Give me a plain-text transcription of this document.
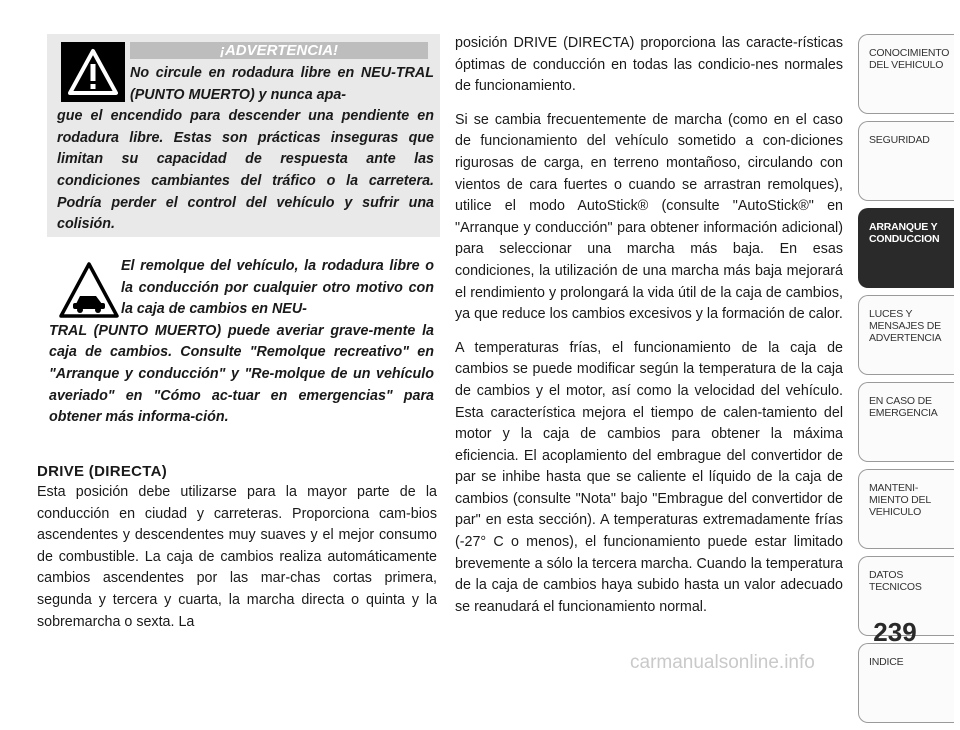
¡ADVERTENCIA!
No circule en rodadura libre en NEU-TRAL (PUNTO MUERTO) y nunca apa-
gue el encendido para descender una pendiente en rodadura libre. Estas son prácticas inseguras que limitan su capacidad de respuesta ante las condiciones cambiantes del tráfico o la carretera. Podría perder el control del vehículo y sufrir una colisión.
El remolque del vehículo, la rodadura libre o la conducción por cualquier otro motivo con la caja de cambios en NEU-
TRAL (PUNTO MUERTO) puede averiar grave-mente la caja de cambios. Consulte "Remolque recreativo" en "Arranque y conducción" y "Re-molque de un vehículo averiado" en "Cómo ac-tuar en emergencias" para obtener más informa-ción.
DRIVE (DIRECTA)

Esta posición debe utilizarse para la mayor parte de la conducción en ciudad y carreteras. Proporciona cam-bios ascendentes y descendentes muy suaves y el mejor consumo de combustible. La caja de cambios realiza automáticamente cambios ascendentes por las mar-chas cortas primera, segunda y tercera y cuarta, la marcha directa o quinta y la sobremarcha o sexta. La

posición DRIVE (DIRECTA) proporciona las caracte-rísticas óptimas de conducción en todas las condicio-nes normales de funcionamiento.

Si se cambia frecuentemente de marcha (como en el caso de funcionamiento del vehículo sometido a con-diciones rigurosas de carga, en terreno montañoso, circulando con vientos de cara fuertes o cuando se arrastran remolques), utilice el modo AutoStick® (consulte "AutoStick®" en "Arranque y conducción" para obtener información adicional) para seleccionar una marcha más baja. En esas condiciones, la utilización de una marcha más baja mejorará el rendimiento y prolongará la vida útil de la caja de cambios, ya que reduce los cambios excesivos y la formación de calor.

A temperaturas frías, el funcionamiento de la caja de cambios se puede modificar según la temperatura de la caja de cambios y el motor, así como la velocidad del vehículo. Esta característica mejora el tiempo de calen-tamiento del motor y la caja de cambios para obtener la máxima eficiencia. El acoplamiento del embrague del convertidor de par se inhibe hasta que se caliente el líquido de la caja de cambios (consulte "Nota" bajo "Embrague del convertidor de par" en esta sección). A temperaturas extremadamente frías (-27° C o menos), el funcionamiento puede estar limitado brevemente a sólo la tercera marcha. Cuando la temperatura de la caja de cambios haya subido hasta un valor adecuado se reanudará el funcionamiento normal.

CONOCIMIENTO
DEL VEHICULO
SEGURIDAD
ARRANQUE Y
CONDUCCION
LUCES Y
MENSAJES DE
ADVERTENCIA
EN CASO DE
EMERGENCIA
MANTENI-
MIENTO DEL
VEHICULO
DATOS
TECNICOS
INDICE
239
carmanualsonline.info
